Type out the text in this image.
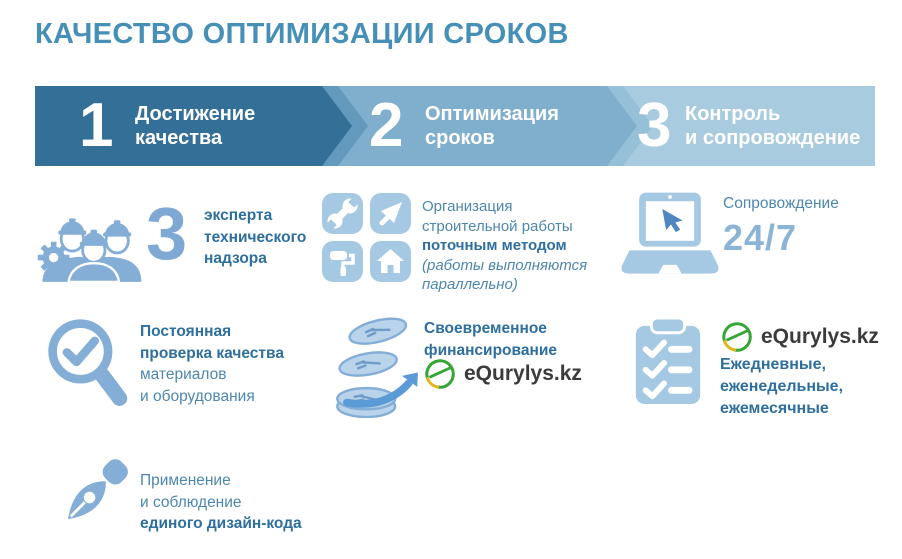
КАЧЕСТВО ОПТИМИЗАЦИИ СРОКОВ
1 Достижение
качества	2 Оптимизация
сроков	3 Контроль
и сопровождение
3 эксперта
технического
надзора
Организация
строительной работы
поточным методом
(работы выполняются
параллельно)
Сопровождение
24/7
Постоянная
проверка качества
материалов
и оборудования
Своевременное
финансирование
eQurylys.kz
eQurylys.kz
Ежедневные,
еженедельные,
ежемесячные
Применение
и соблюдение
единого дизайн-кода
